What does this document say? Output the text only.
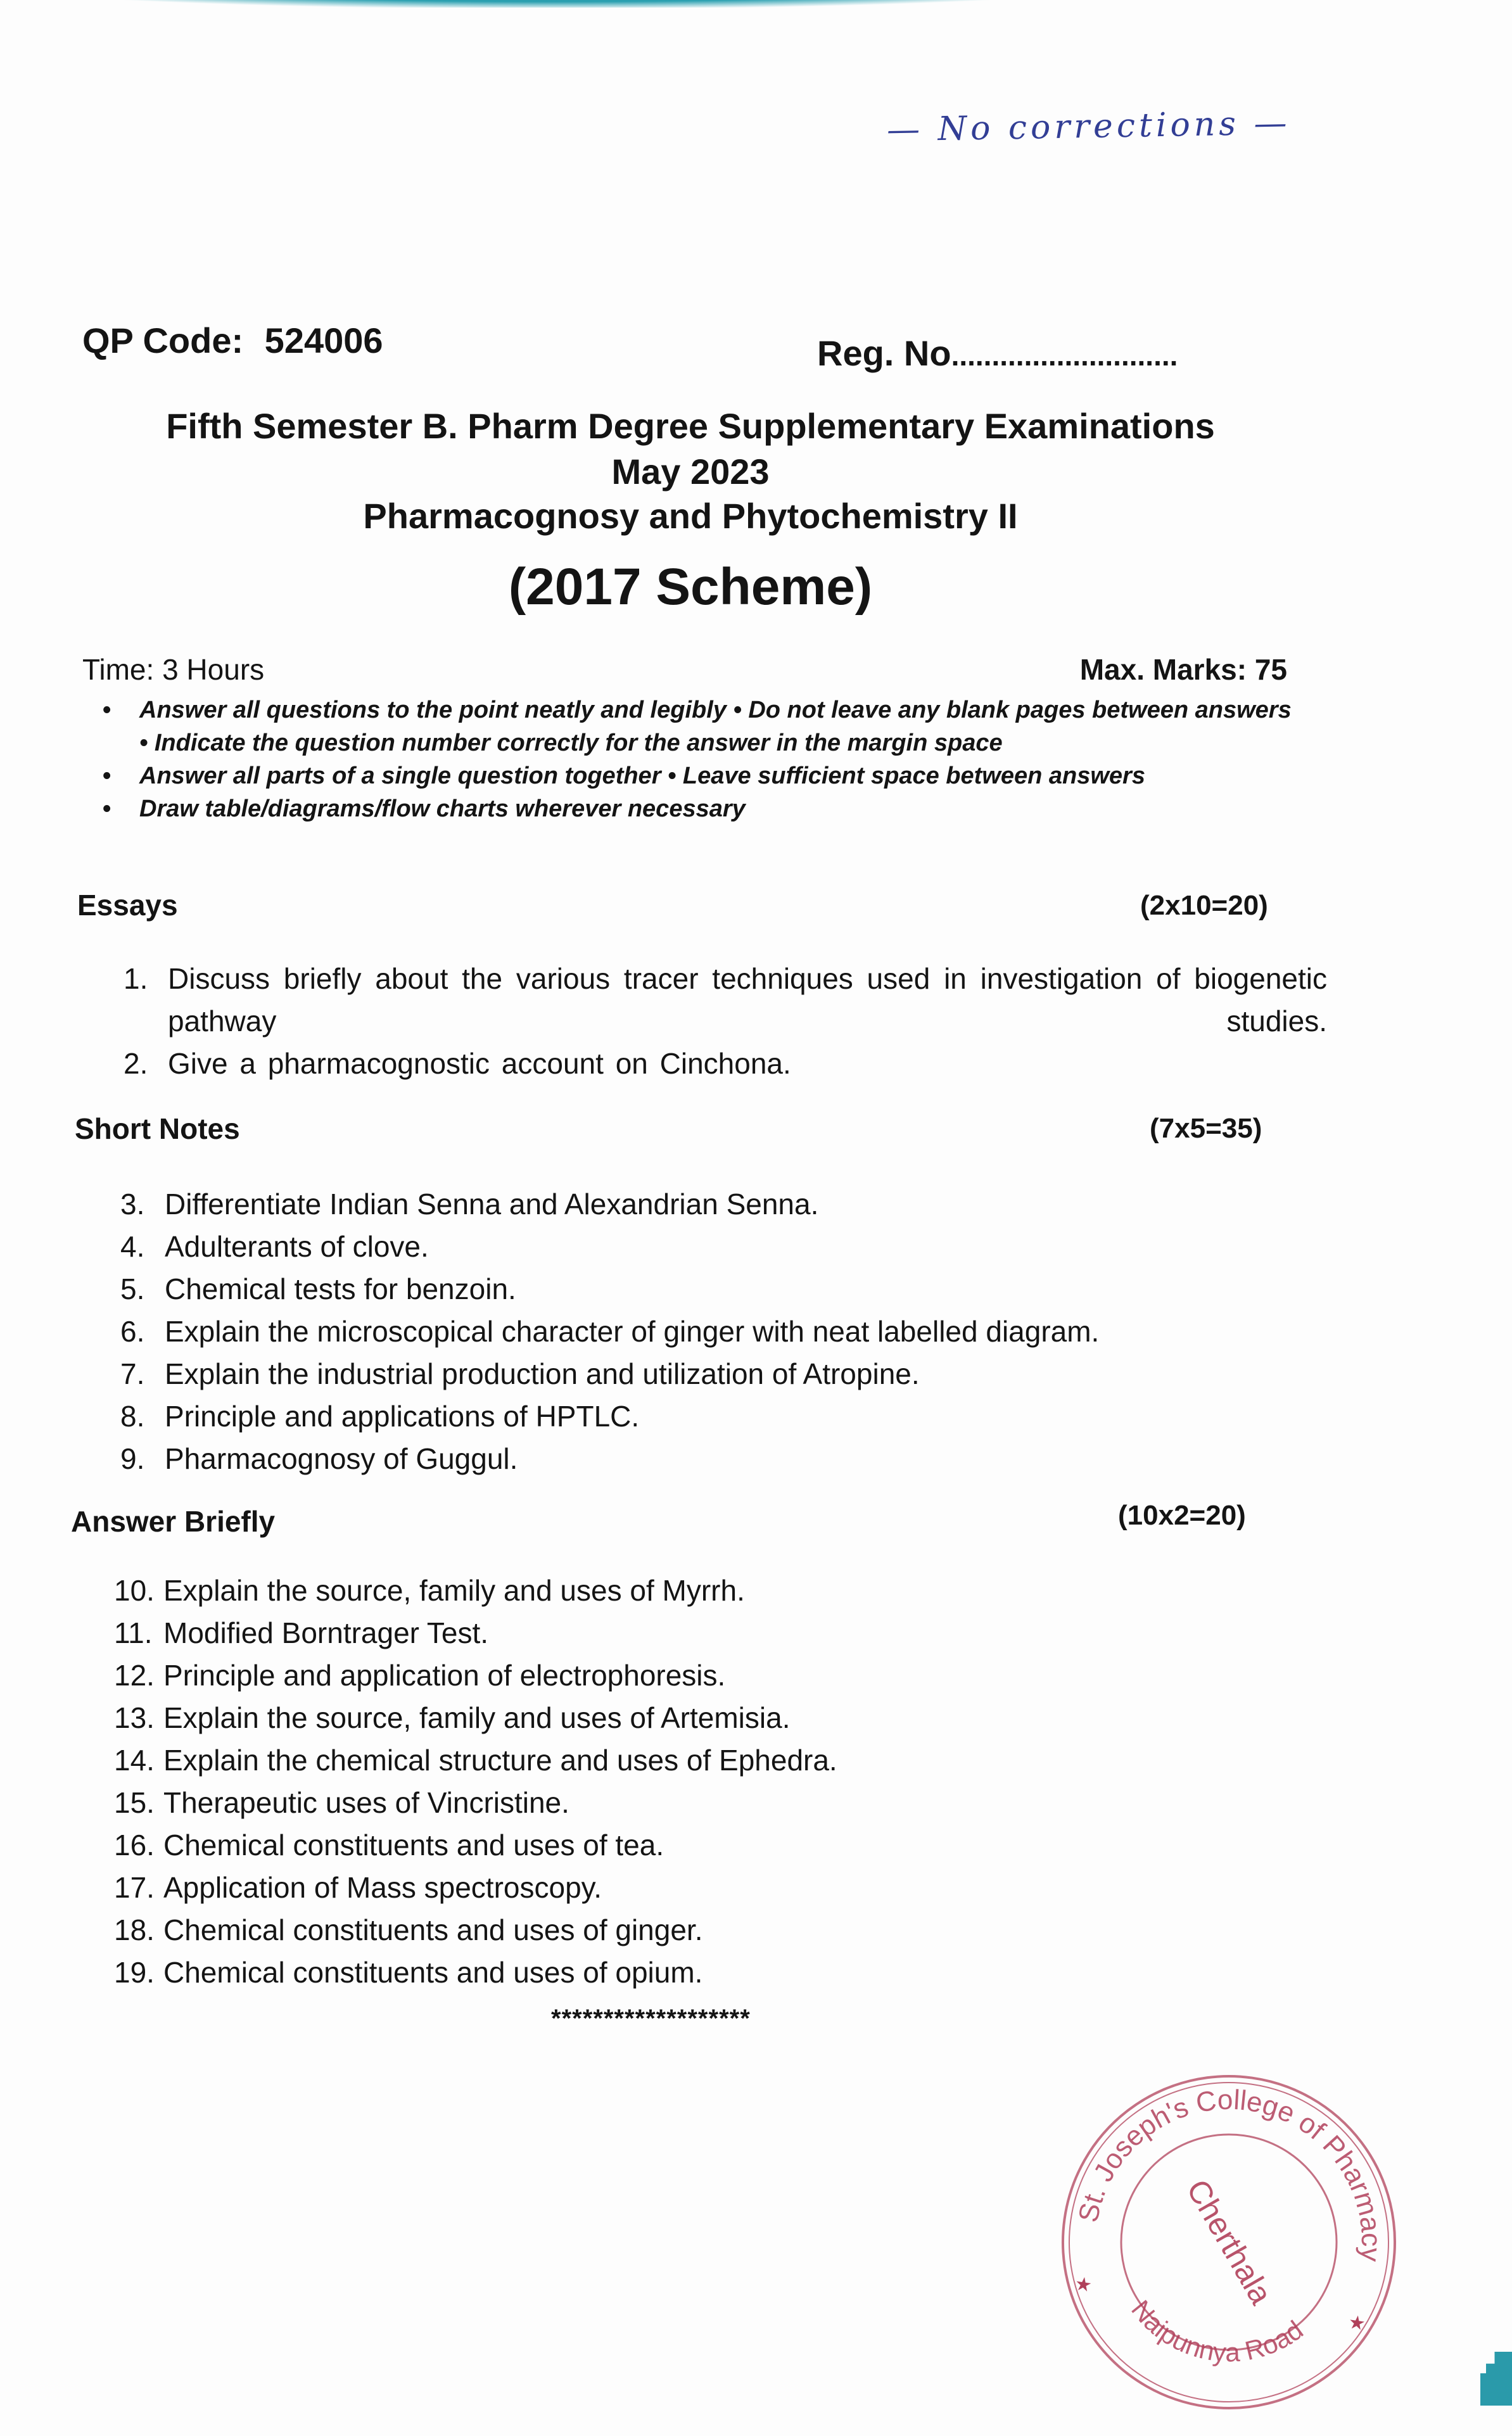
— No corrections —
QP Code: 524006	Reg. No............................
Fifth Semester B. Pharm Degree Supplementary Examinations
May 2023
Pharmacognosy and Phytochemistry II
(2017 Scheme)
Time: 3 Hours	Max. Marks: 75
• Answer all questions to the point neatly and legibly • Do not leave any blank pages between answers • Indicate the question number correctly for the answer in the margin space
• Answer all parts of a single question together • Leave sufficient space between answers
• Draw table/diagrams/flow charts wherever necessary
Essays	(2x10=20)
1. Discuss briefly about the various tracer techniques used in investigation of biogenetic pathway studies.
2. Give a pharmacognostic account on Cinchona.
Short Notes	(7x5=35)
3. Differentiate Indian Senna and Alexandrian Senna.
4. Adulterants of clove.
5. Chemical tests for benzoin.
6. Explain the microscopical character of ginger with neat labelled diagram.
7. Explain the industrial production and utilization of Atropine.
8. Principle and applications of HPTLC.
9. Pharmacognosy of Guggul.
Answer Briefly	(10x2=20)
10. Explain the source, family and uses of Myrrh.
11. Modified Borntrager Test.
12. Principle and application of electrophoresis.
13. Explain the source, family and uses of Artemisia.
14. Explain the chemical structure and uses of Ephedra.
15. Therapeutic uses of Vincristine.
16. Chemical constituents and uses of tea.
17. Application of Mass spectroscopy.
18. Chemical constituents and uses of ginger.
19. Chemical constituents and uses of opium.
*******************
St. Joseph's College of Pharmacy
Naipunnya Road
Cherthala
★
★
